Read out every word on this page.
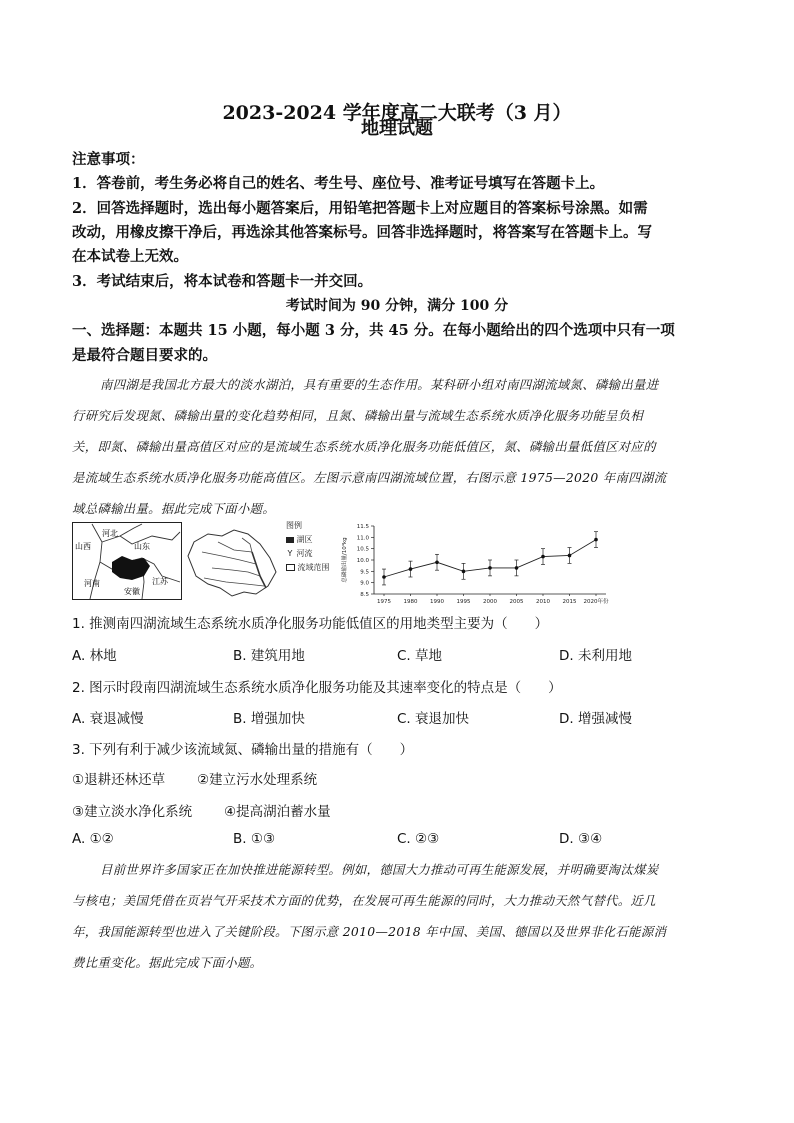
2023-2024 学年度高二大联考（3 月）
地理试题
注意事项：
1．答卷前，考生务必将自己的姓名、考生号、座位号、准考证号填写在答题卡上。
2．回答选择题时，选出每小题答案后，用铅笔把答题卡上对应题目的答案标号涂黑。如需
改动，用橡皮擦干净后，再选涂其他答案标号。回答非选择题时，将答案写在答题卡上。写
在本试卷上无效。
3．考试结束后，将本试卷和答题卡一并交回。
考试时间为 90 分钟，满分 100 分
一、选择题：本题共 15 小题，每小题 3 分，共 45 分。在每小题给出的四个选项中只有一项
是最符合题目要求的。
南四湖是我国北方最大的淡水湖泊，具有重要的生态作用。某科研小组对南四湖流域氮、磷输出量进
行研究后发现氮、磷输出量的变化趋势相同，且氮、磷输出量与流域生态系统水质净化服务功能呈负相
关，即氮、磷输出量高值区对应的是流域生态系统水质净化服务功能低值区，氮、磷输出量低值区对应的
是流域生态系统水质净化服务功能高值区。左图示意南四湖流域位置，右图示意 1975—2020 年南四湖流
域总磷输出量。据此完成下面小题。
河北
山东
山西
河南	江苏
安徽
图例
湖区
Y 河流
流域范围
8.5
9.0
9.5
10.0
10.5
11.0
11.5
总磷输出量/10⁴kg
1975 1980 1990 1995 2000 2005 2010 2015 2020年份
1. 推测南四湖流域生态系统水质净化服务功能低值区的用地类型主要为（　　）
A. 林地	B. 建筑用地	C. 草地	D. 未利用地
2. 图示时段南四湖流域生态系统水质净化服务功能及其速率变化的特点是（　　）
A. 衰退减慢	B. 增强加快	C. 衰退加快	D. 增强减慢
3. 下列有利于减少该流域氮、磷输出量的措施有（　　）
①退耕还林还草 ②建立污水处理系统
③建立淡水净化系统 ④提高湖泊蓄水量
A. ①②	B. ①③	C. ②③	D. ③④
目前世界许多国家正在加快推进能源转型。例如，德国大力推动可再生能源发展，并明确要淘汰煤炭
与核电；美国凭借在页岩气开采技术方面的优势，在发展可再生能源的同时，大力推动天然气替代。近几
年，我国能源转型也进入了关键阶段。下图示意 2010—2018 年中国、美国、德国以及世界非化石能源消
费比重变化。据此完成下面小题。
